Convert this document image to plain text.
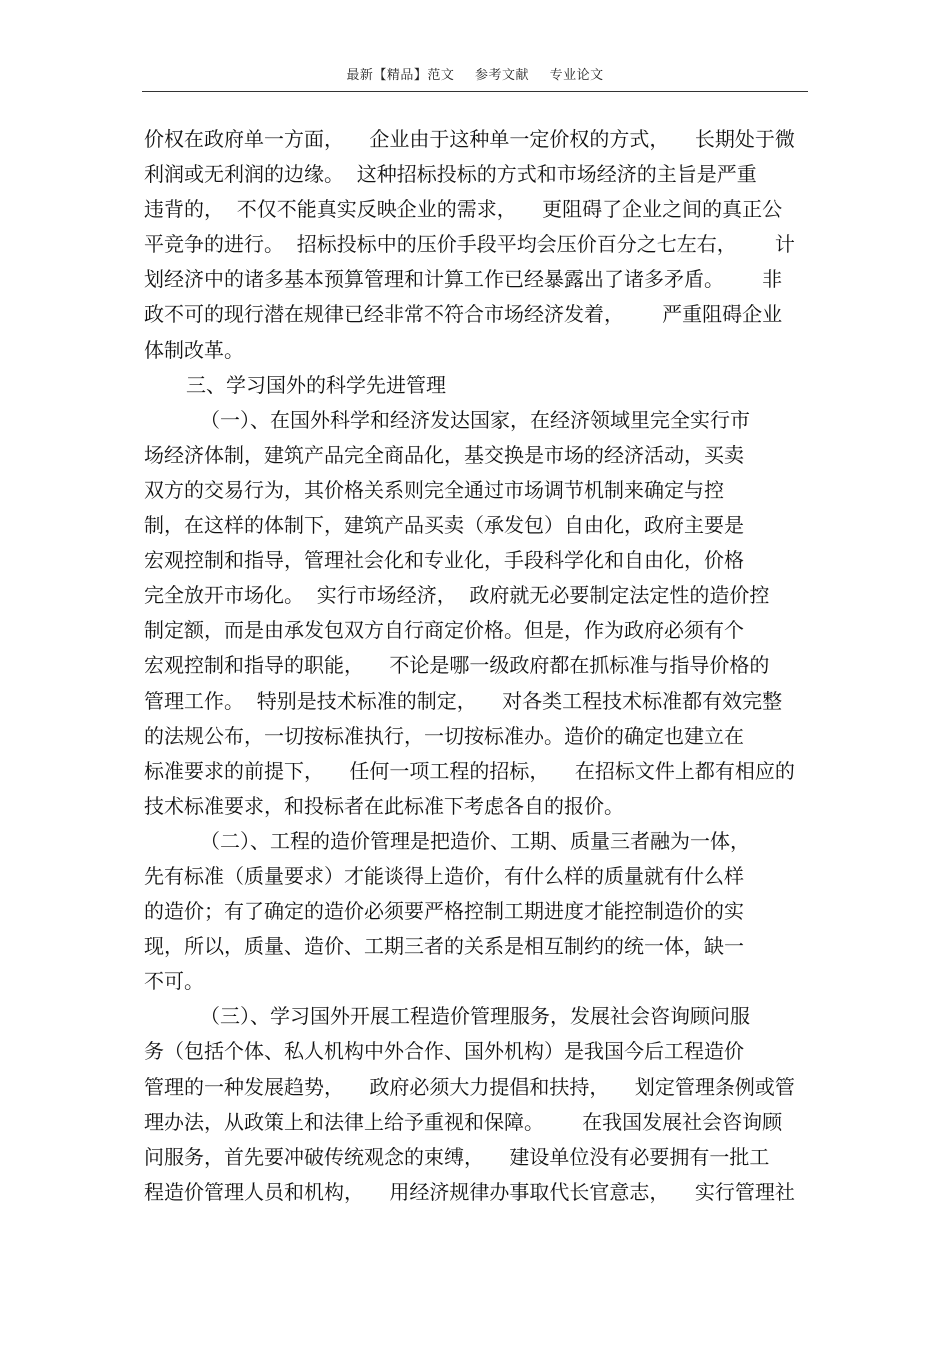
最新【精品】范文 参考文献 专业论文
价权在政府单一方面，    企业由于这种单一定价权的方式，    长期处于微
利润或无利润的边缘。  这种招标投标的方式和市场经济的主旨是严重
违背的，  不仅不能真实反映企业的需求，    更阻碍了企业之间的真正公
平竞争的进行。  招标投标中的压价手段平均会压价百分之七左右，      计
划经济中的诸多基本预算管理和计算工作已经暴露出了诸多矛盾。      非
政不可的现行潜在规律已经非常不符合市场经济发着，      严重阻碍企业
体制改革。
三、学习国外的科学先进管理
（一）、在国外科学和经济发达国家，在经济领域里完全实行市
场经济体制，建筑产品完全商品化，基交换是市场的经济活动，买卖
双方的交易行为，其价格关系则完全通过市场调节机制来确定与控
制，在这样的体制下，建筑产品买卖（承发包）自由化，政府主要是
宏观控制和指导，管理社会化和专业化，手段科学化和自由化，价格
完全放开市场化。  实行市场经济，  政府就无必要制定法定性的造价控
制定额，而是由承发包双方自行商定价格。但是，作为政府必须有个
宏观控制和指导的职能，    不论是哪一级政府都在抓标准与指导价格的
管理工作。  特别是技术标准的制定，    对各类工程技术标准都有效完整
的法规公布，一切按标准执行，一切按标准办。造价的确定也建立在
标准要求的前提下，    任何一项工程的招标，    在招标文件上都有相应的
技术标准要求，和投标者在此标准下考虑各自的报价。
（二）、工程的造价管理是把造价、工期、质量三者融为一体，
先有标准（质量要求）才能谈得上造价，有什么样的质量就有什么样
的造价；有了确定的造价必须要严格控制工期进度才能控制造价的实
现，所以，质量、造价、工期三者的关系是相互制约的统一体，缺一
不可。
（三）、学习国外开展工程造价管理服务，发展社会咨询顾问服
务（包括个体、私人机构中外合作、国外机构）是我国今后工程造价
管理的一种发展趋势，    政府必须大力提倡和扶持，    划定管理条例或管
理办法，从政策上和法律上给予重视和保障。      在我国发展社会咨询顾
问服务，首先要冲破传统观念的束缚，    建设单位没有必要拥有一批工
程造价管理人员和机构，    用经济规律办事取代长官意志，    实行管理社
